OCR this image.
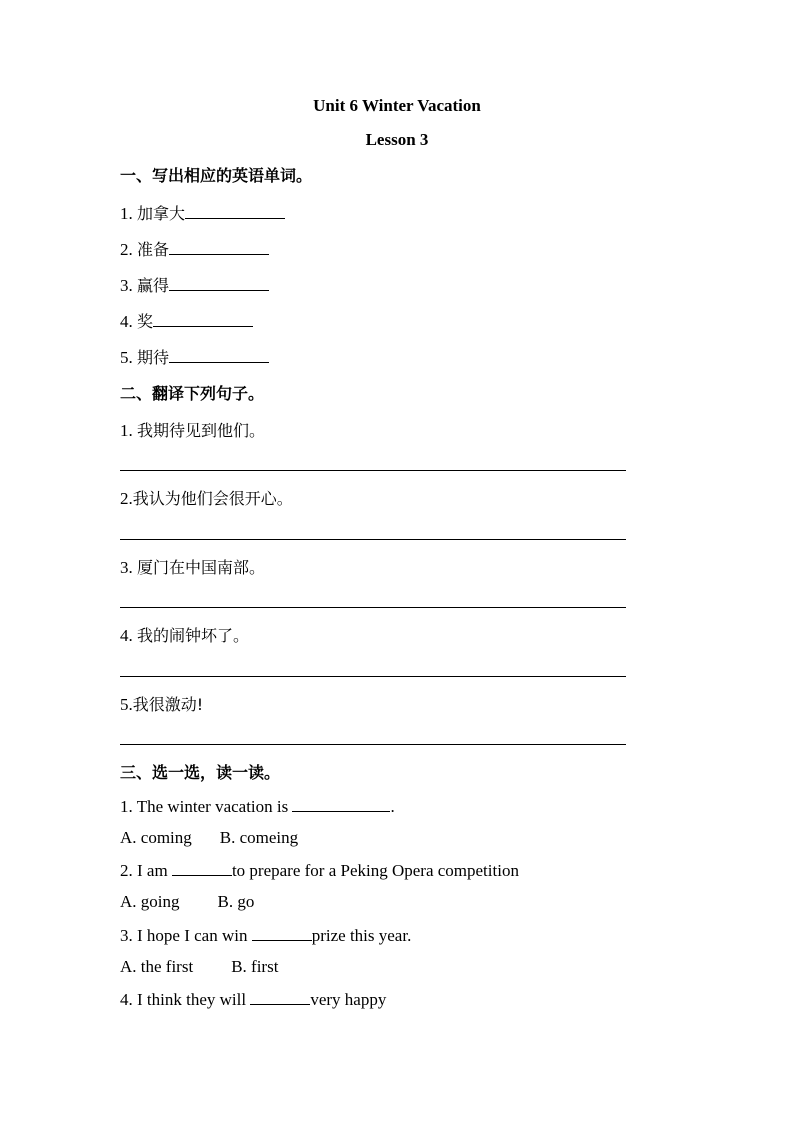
Unit 6 Winter Vacation
Lesson 3
一、写出相应的英语单词。
1. 加拿大
2. 准备
3. 赢得
4. 奖
5. 期待
二、翻译下列句子。
1. 我期待见到他们。
2.我认为他们会很开心。
3. 厦门在中国南部。
4. 我的闹钟坏了。
5.我很激动!
三、选一选，读一读。
1. The winter vacation is	.
A. coming B. comeing
2. I am	to prepare for a Peking Opera competition
A. going B. go
3. I hope I can win	prize this year.
A. the first B. first
4. I think they will	very happy
